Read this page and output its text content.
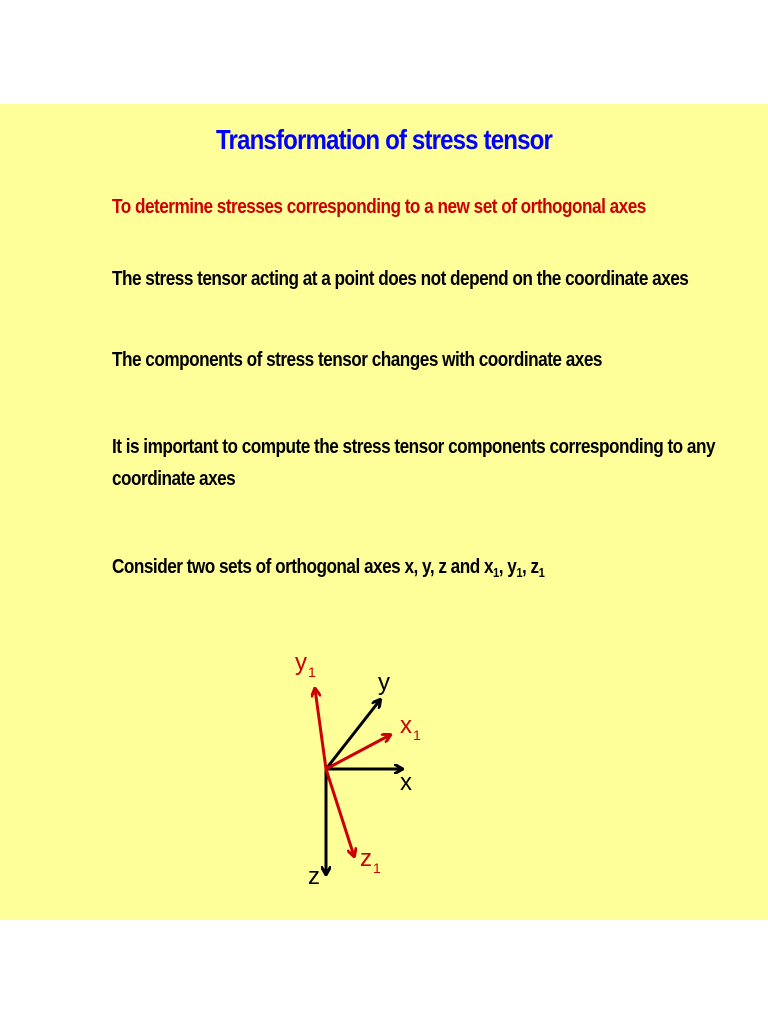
Transformation of stress tensor
To determine stresses corresponding to a new set of orthogonal axes
The stress tensor acting at a point does not depend on the coordinate axes
The components of stress tensor changes with coordinate axes
It is important to compute the stress tensor components corresponding to any
coordinate axes
Consider two sets of orthogonal axes x, y, z and $x_1$, $y_1$, $z_1$
x
y
z
x 1
y 1
z 1
